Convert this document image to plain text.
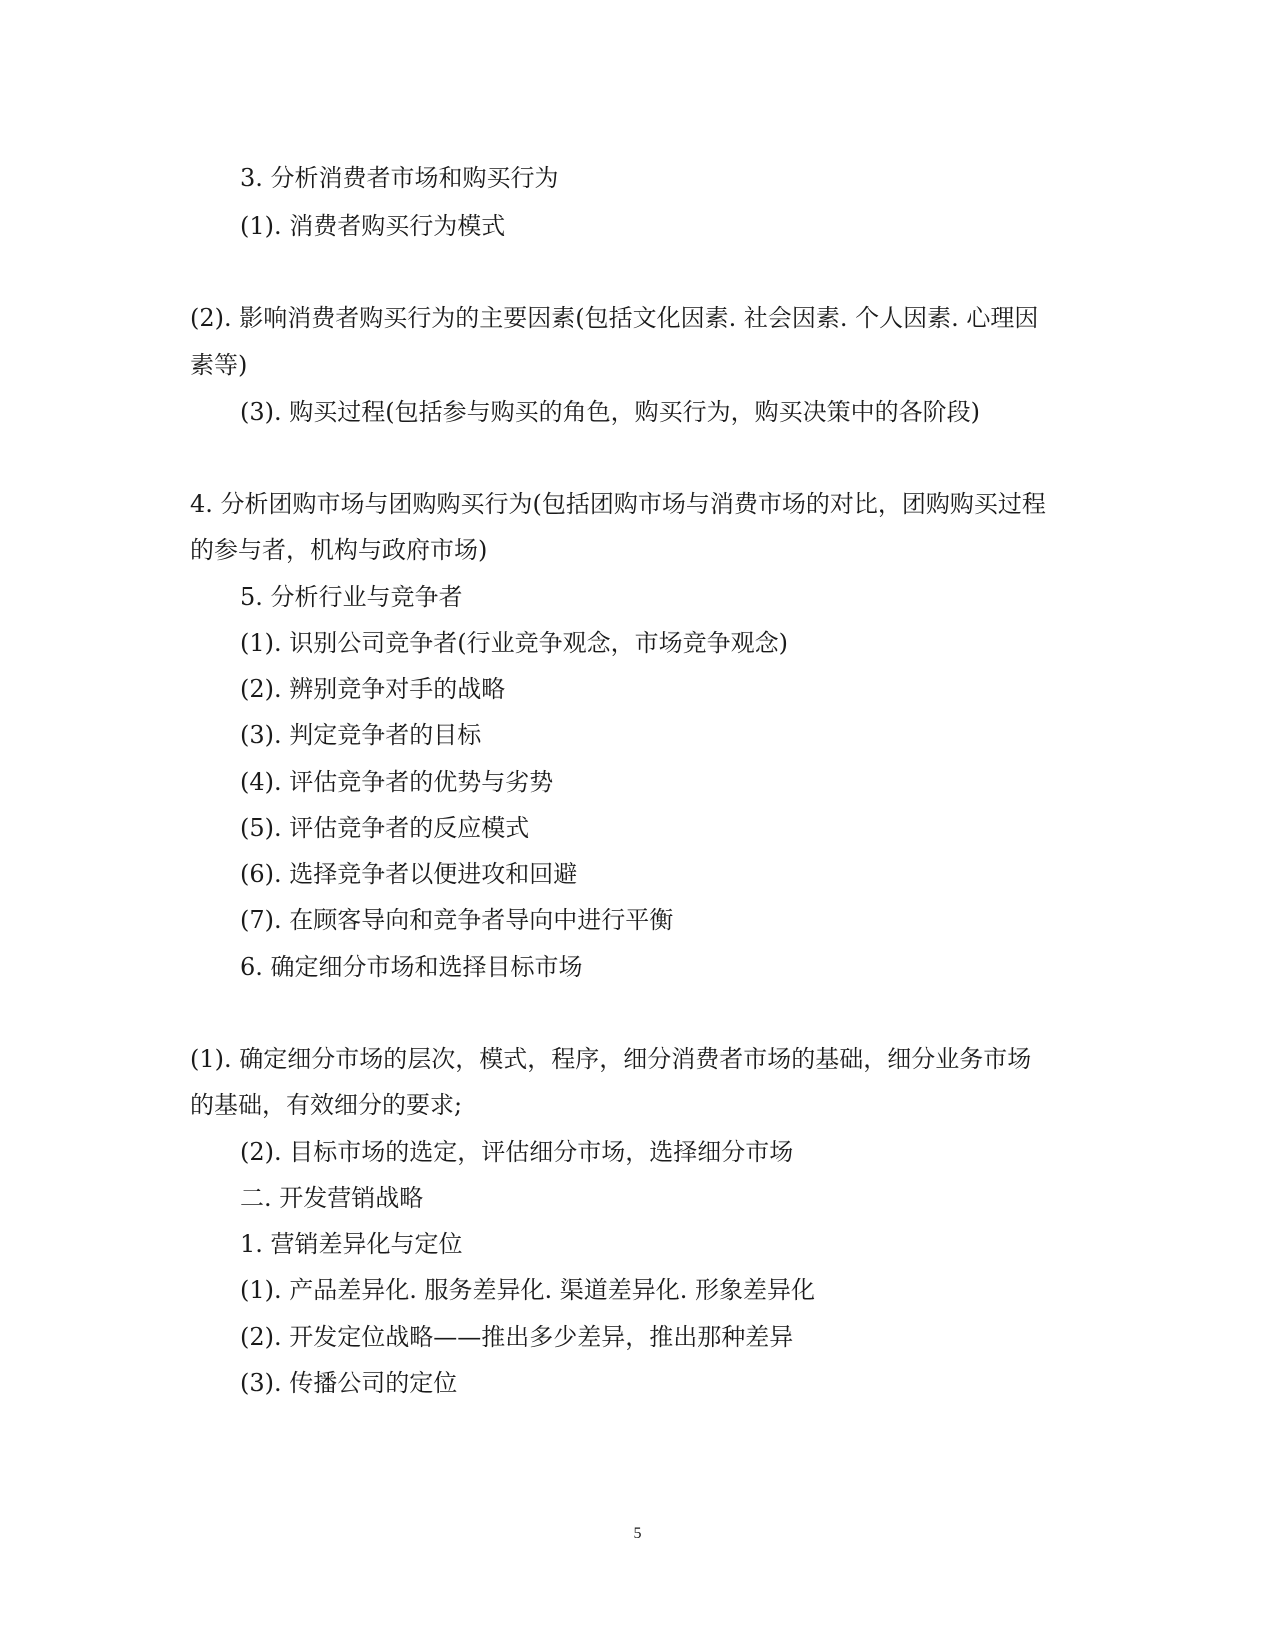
3. 分析消费者市场和购买行为
(1). 消费者购买行为模式
(2). 影响消费者购买行为的主要因素(包括文化因素. 社会因素. 个人因素. 心理因
素等)
(3). 购买过程(包括参与购买的角色，购买行为，购买决策中的各阶段)
4. 分析团购市场与团购购买行为(包括团购市场与消费市场的对比，团购购买过程
的参与者，机构与政府市场)
5. 分析行业与竞争者
(1). 识别公司竞争者(行业竞争观念，市场竞争观念)
(2). 辨别竞争对手的战略
(3). 判定竞争者的目标
(4). 评估竞争者的优势与劣势
(5). 评估竞争者的反应模式
(6). 选择竞争者以便进攻和回避
(7). 在顾客导向和竞争者导向中进行平衡
6. 确定细分市场和选择目标市场
(1). 确定细分市场的层次，模式，程序，细分消费者市场的基础，细分业务市场
的基础，有效细分的要求;
(2). 目标市场的选定，评估细分市场，选择细分市场
二. 开发营销战略
1. 营销差异化与定位
(1). 产品差异化. 服务差异化. 渠道差异化. 形象差异化
(2). 开发定位战略——推出多少差异，推出那种差异
(3). 传播公司的定位
5
